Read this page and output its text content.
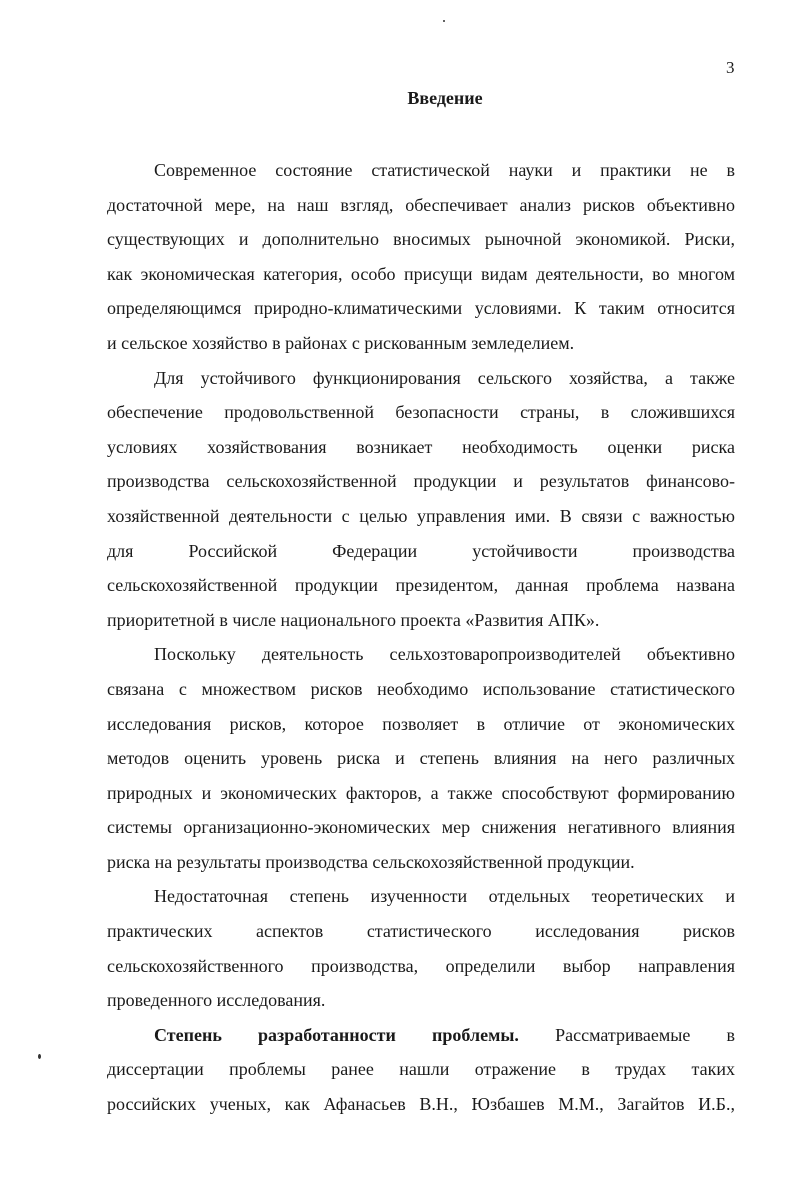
3
Введение
Современное состояние статистической науки и практики не в
достаточной мере, на наш взгляд, обеспечивает анализ рисков объективно
существующих и дополнительно вносимых рыночной экономикой. Риски,
как экономическая категория, особо присущи видам деятельности, во многом
определяющимся природно-климатическими условиями. К таким относится
и сельское хозяйство в районах с рискованным земледелием.
Для устойчивого функционирования сельского хозяйства, а также
обеспечение продовольственной безопасности страны, в сложившихся
условиях хозяйствования возникает необходимость оценки риска
производства сельскохозяйственной продукции и результатов финансово-
хозяйственной деятельности с целью управления ими. В связи с важностью
для Российской Федерации устойчивости производства
сельскохозяйственной продукции президентом, данная проблема названа
приоритетной в числе национального проекта «Развития АПК».
Поскольку деятельность сельхозтоваропроизводителей объективно
связана с множеством рисков необходимо использование статистического
исследования рисков, которое позволяет в отличие от экономических
методов оценить уровень риска и степень влияния на него различных
природных и экономических факторов, а также способствуют формированию
системы организационно-экономических мер снижения негативного влияния
риска на результаты производства сельскохозяйственной продукции.
Недостаточная степень изученности отдельных теоретических и
практических аспектов статистического исследования рисков
сельскохозяйственного производства, определили выбор направления
проведенного исследования.
Степень разработанности проблемы. Рассматриваемые в
диссертации проблемы ранее нашли отражение в трудах таких
российских ученых, как Афанасьев В.Н., Юзбашев М.М., Загайтов И.Б.,
